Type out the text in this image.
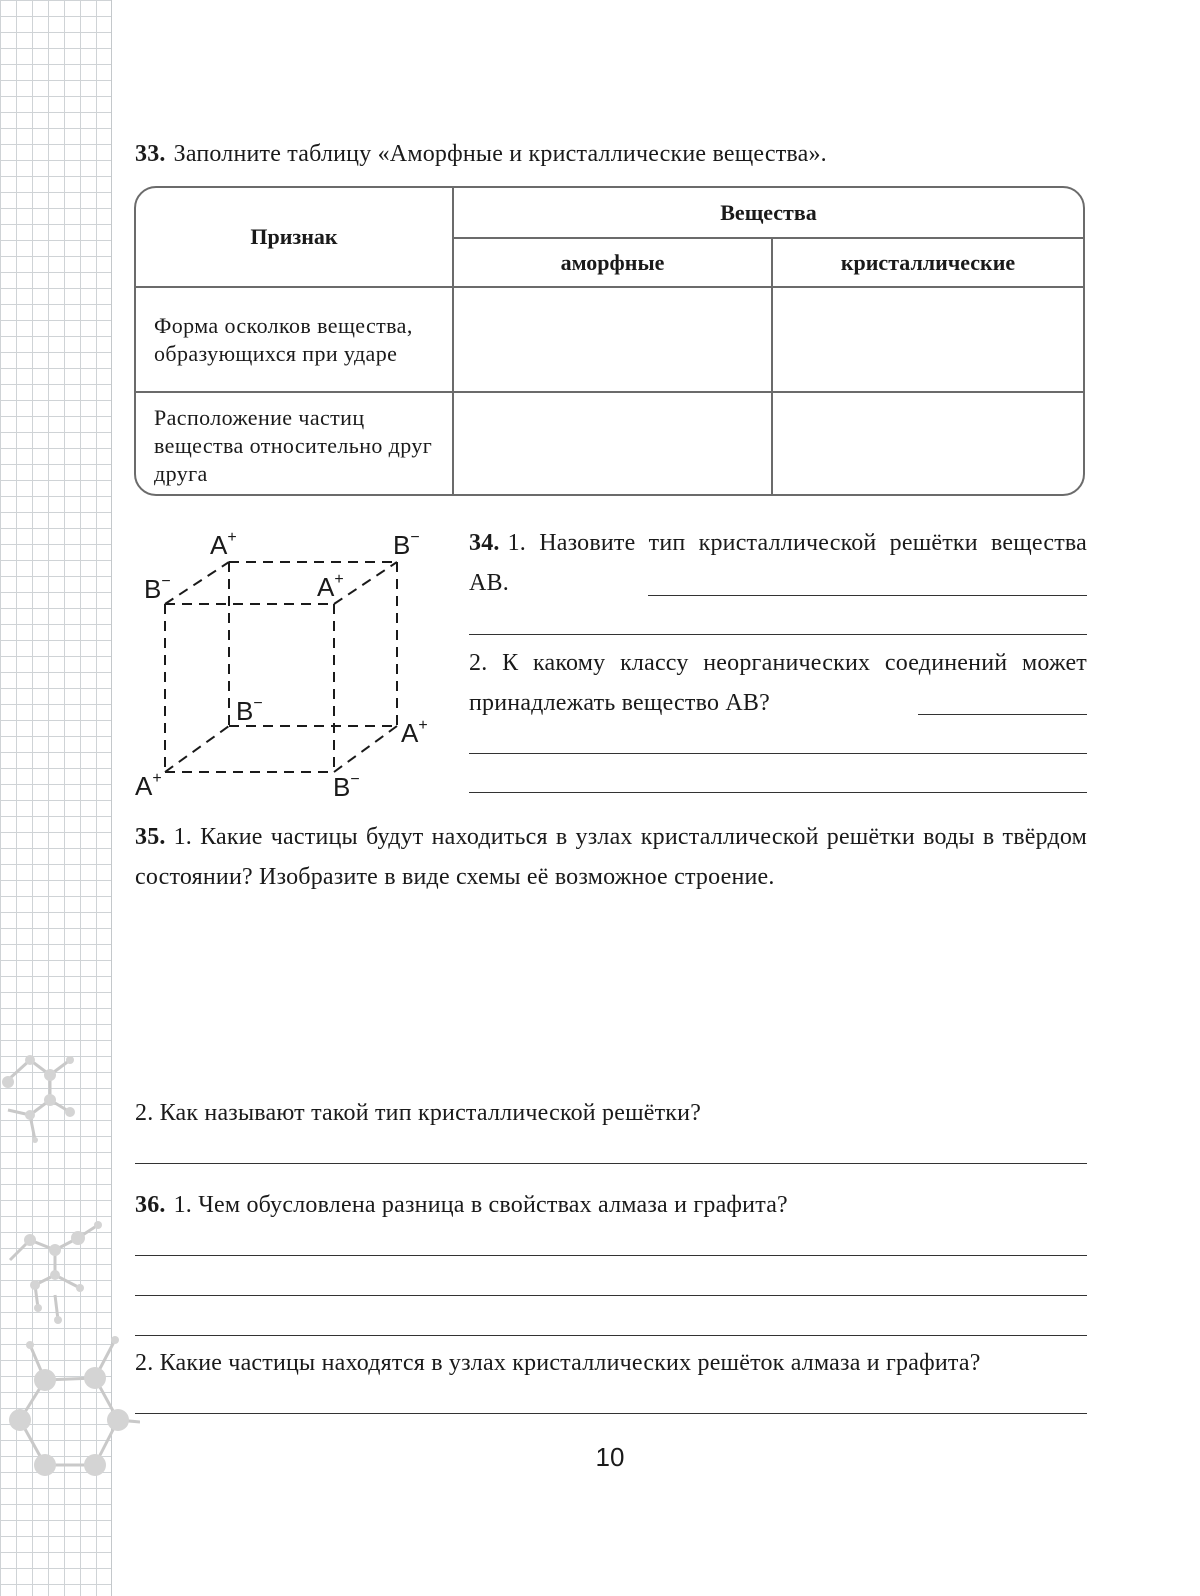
33. Заполните таблицу «Аморфные и кристаллические вещества».
Признак	Вещества	
	аморфные	кристаллические
Форма осколков вещества, образующихся при ударе		
Расположение частиц вещества относительно друг друга		
A+	B−
B−	A+
B−
A+
A+	B−
34. 1. Назовите тип кристаллической решётки вещества АВ.
2. К какому классу неорганических соединений может принадлежать вещество АВ?
35. 1. Какие частицы будут находиться в узлах кристаллической решётки воды в твёрдом состоянии? Изобразите в виде схемы её возможное строение.
2. Как называют такой тип кристаллической решётки?
36. 1. Чем обусловлена разница в свойствах алмаза и графита?
2. Какие частицы находятся в узлах кристаллических решёток алмаза и графита?
10
